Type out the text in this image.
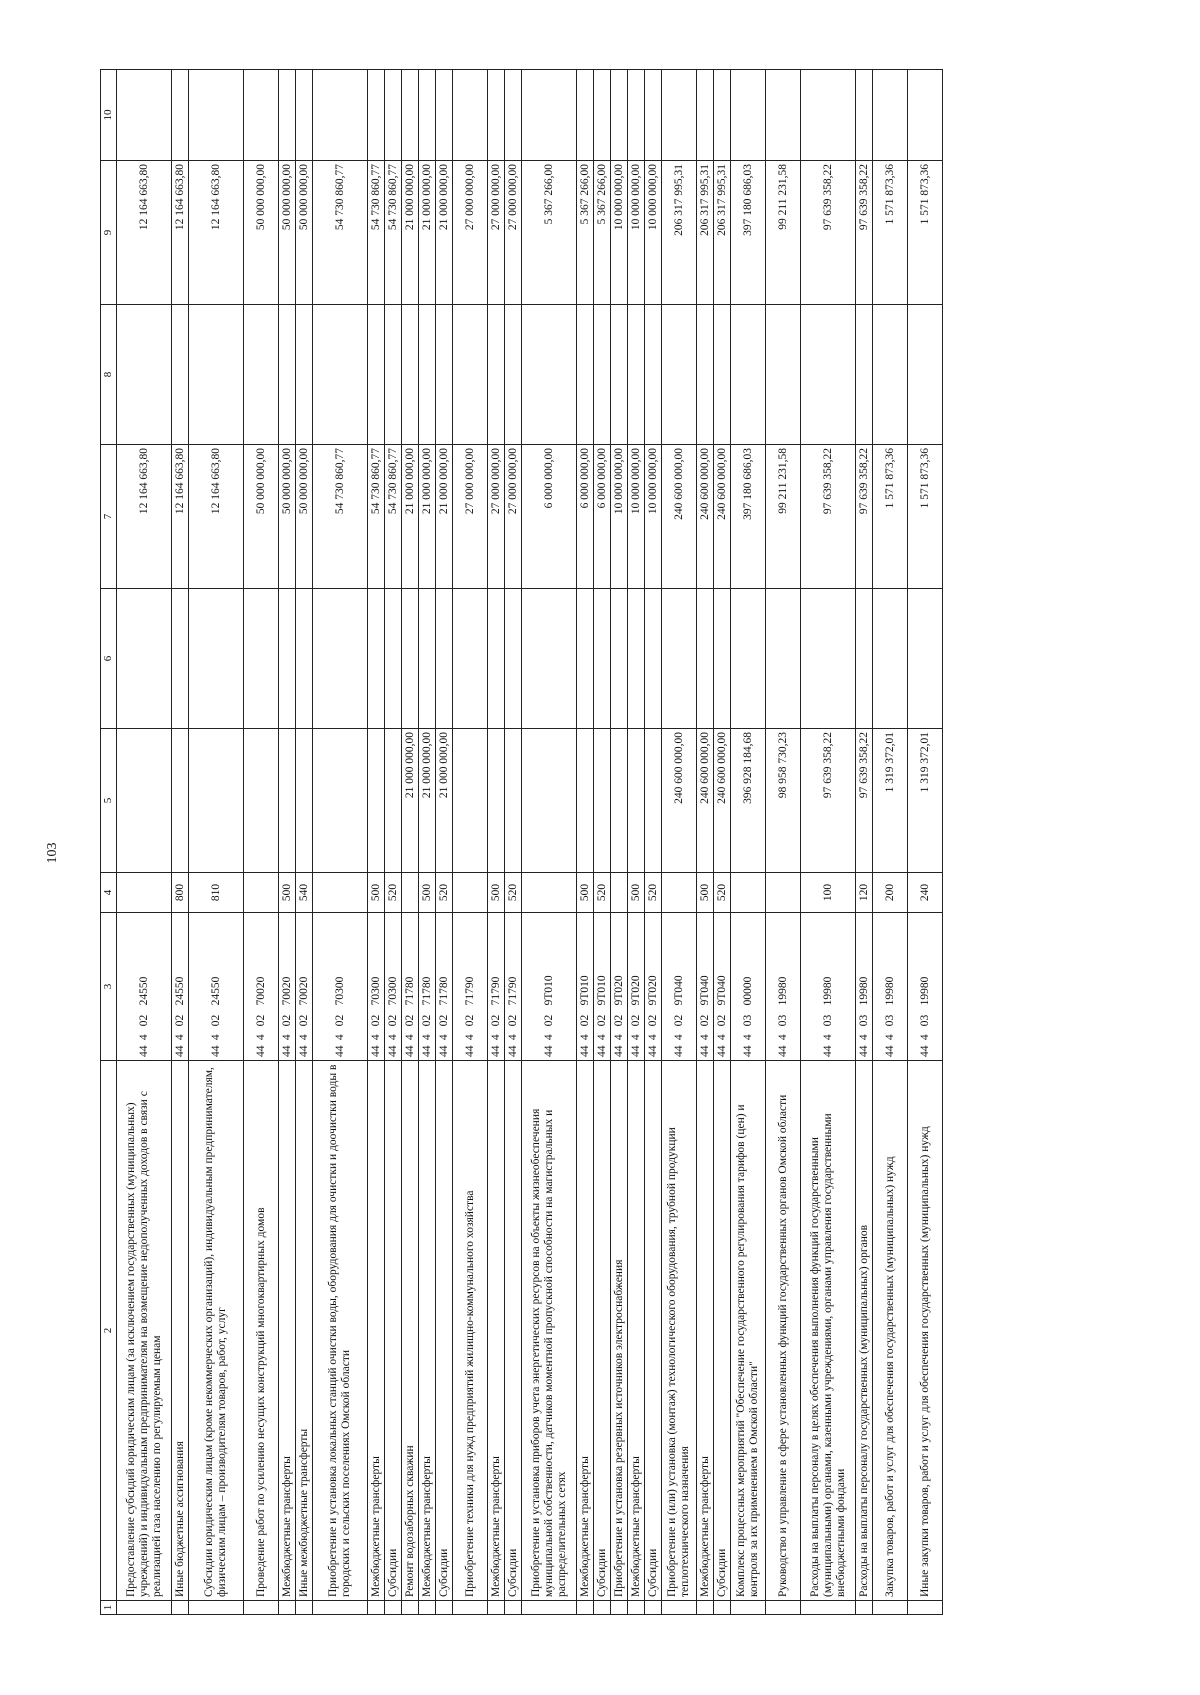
103
1	2	3	4	5	6	7	8	9	10
	Предоставление субсидий юридическим лицам (за исключением государственных (муниципальных) учреждений) и индивидуальным предпринимателям на возмещение недополученных доходов в связи с реализацией газа населению по регулируемым ценам	44 4 02 24550				12 164 663,80		12 164 663,80	
	Иные бюджетные ассигнования	44 4 02 24550	800			12 164 663,80		12 164 663,80	
	Субсидии юридическим лицам (кроме некоммерческих организаций), индивидуальным предпринимателям, физическим лицам – производителям товаров, работ, услуг	44 4 02 24550	810			12 164 663,80		12 164 663,80	
	Проведение работ по усилению несущих конструкций многоквартирных домов	44 4 02 70020				50 000 000,00		50 000 000,00	
	Межбюджетные трансферты	44 4 02 70020	500			50 000 000,00		50 000 000,00	
	Иные межбюджетные трансферты	44 4 02 70020	540			50 000 000,00		50 000 000,00	
	Приобретение и установка локальных станций очистки воды, оборудования для очистки и доочистки воды в городских и сельских поселениях Омской области	44 4 02 70300				54 730 860,77		54 730 860,77	
	Межбюджетные трансферты	44 4 02 70300	500			54 730 860,77		54 730 860,77	
	Субсидии	44 4 02 70300	520			54 730 860,77		54 730 860,77	
	Ремонт водозаборных скважин	44 4 02 71780		21 000 000,00		21 000 000,00		21 000 000,00	
	Межбюджетные трансферты	44 4 02 71780	500	21 000 000,00		21 000 000,00		21 000 000,00	
	Субсидии	44 4 02 71780	520	21 000 000,00		21 000 000,00		21 000 000,00	
	Приобретение техники для нужд предприятий жилищно-коммунального хозяйства	44 4 02 71790				27 000 000,00		27 000 000,00	
	Межбюджетные трансферты	44 4 02 71790	500			27 000 000,00		27 000 000,00	
	Субсидии	44 4 02 71790	520			27 000 000,00		27 000 000,00	
	Приобретение и установка приборов учета энергетических ресурсов на объекты жизнеобеспечения муниципальной собственности, датчиков моментной пропускной способности на магистральных и распределительных сетях	44 4 02 9Т010				6 000 000,00		5 367 266,00	
	Межбюджетные трансферты	44 4 02 9Т010	500			6 000 000,00		5 367 266,00	
	Субсидии	44 4 02 9Т010	520			6 000 000,00		5 367 266,00	
	Приобретение и установка резервных источников электроснабжения	44 4 02 9Т020				10 000 000,00		10 000 000,00	
	Межбюджетные трансферты	44 4 02 9Т020	500			10 000 000,00		10 000 000,00	
	Субсидии	44 4 02 9Т020	520			10 000 000,00		10 000 000,00	
	Приобретение и (или) установка (монтаж) технологического оборудования, трубной продукции теплотехнического назначения	44 4 02 9Т040		240 600 000,00		240 600 000,00		206 317 995,31	
	Межбюджетные трансферты	44 4 02 9Т040	500	240 600 000,00		240 600 000,00		206 317 995,31	
	Субсидии	44 4 02 9Т040	520	240 600 000,00		240 600 000,00		206 317 995,31	
	Комплекс процессных мероприятий "Обеспечение государственного регулирования тарифов (цен) и контроля за их применением в Омской области"	44 4 03 00000		396 928 184,68		397 180 686,03		397 180 686,03	
	Руководство и управление в сфере установленных функций государственных органов Омской области	44 4 03 19980		98 958 730,23		99 211 231,58		99 211 231,58	
	Расходы на выплаты персоналу в целях обеспечения выполнения функций государственными (муниципальными) органами, казенными учреждениями, органами управления государственными внебюджетными фондами	44 4 03 19980	100	97 639 358,22		97 639 358,22		97 639 358,22	
	Расходы на выплаты персоналу государственных (муниципальных) органов	44 4 03 19980	120	97 639 358,22		97 639 358,22		97 639 358,22	
	Закупка товаров, работ и услуг для обеспечения государственных (муниципальных) нужд	44 4 03 19980	200	1 319 372,01		1 571 873,36		1 571 873,36	
	Иные закупки товаров, работ и услуг для обеспечения государственных (муниципальных) нужд	44 4 03 19980	240	1 319 372,01		1 571 873,36		1 571 873,36	
